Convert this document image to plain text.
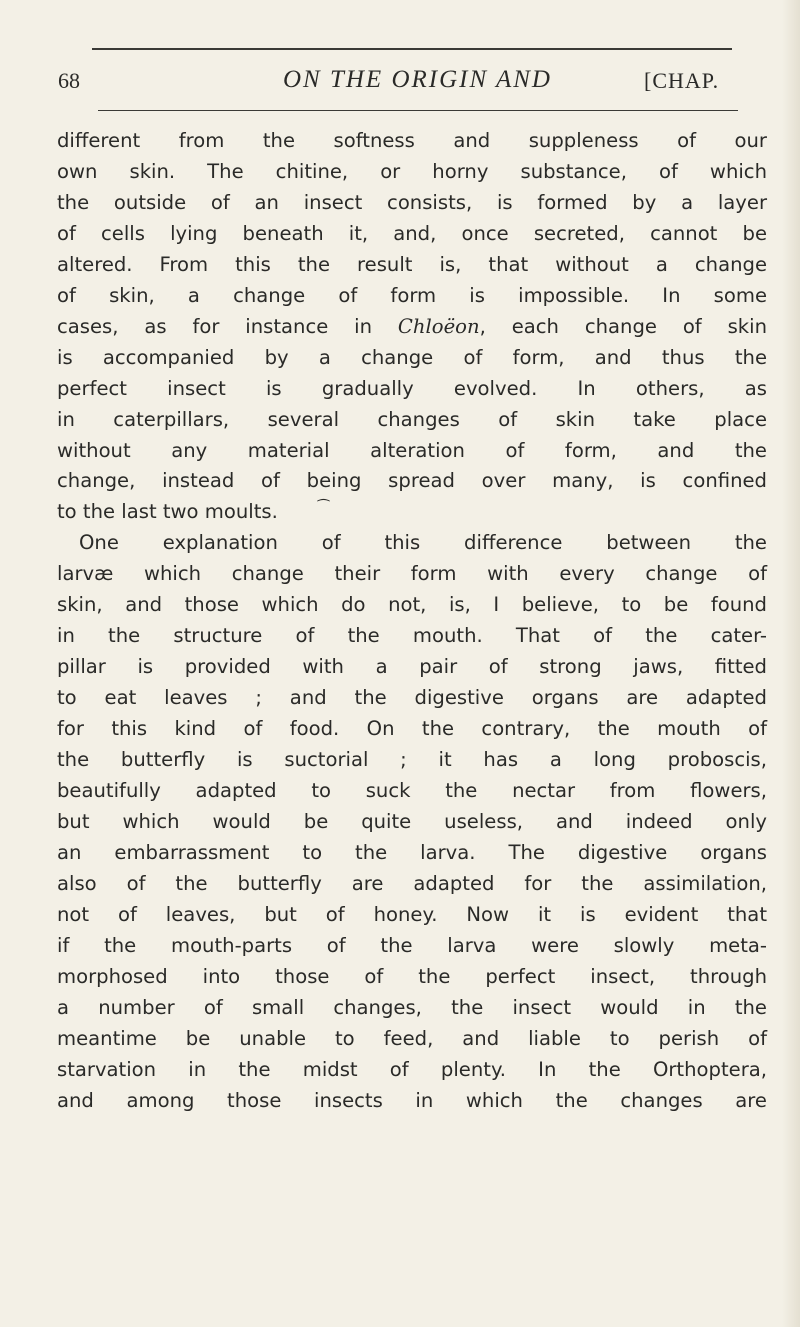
68	ON THE ORIGIN AND	[CHAP.
different from the softness and suppleness of our
own skin. The chitine, or horny substance, of which
the outside of an insect consists, is formed by a layer
of cells lying beneath it, and, once secreted, cannot be
altered. From this the result is, that without a change
of skin, a change of form is impossible. In some
cases, as for instance in Chloëon, each change of skin
is accompanied by a change of form, and thus the
perfect insect is gradually evolved. In others, as
in caterpillars, several changes of skin take place
without any material alteration of form, and the
change, instead of being spread over many, is confined
to the last two moults.	⁀
One explanation of this difference between the
larvæ which change their form with every change of
skin, and those which do not, is, I believe, to be found
in the structure of the mouth. That of the cater-
pillar is provided with a pair of strong jaws, fitted
to eat leaves ; and the digestive organs are adapted
for this kind of food. On the contrary, the mouth of
the butterfly is suctorial ; it has a long proboscis,
beautifully adapted to suck the nectar from flowers,
but which would be quite useless, and indeed only
an embarrassment to the larva. The digestive organs
also of the butterfly are adapted for the assimilation,
not of leaves, but of honey. Now it is evident that
if the mouth-parts of the larva were slowly meta-
morphosed into those of the perfect insect, through
a number of small changes, the insect would in the
meantime be unable to feed, and liable to perish of
starvation in the midst of plenty. In the Orthoptera,
and among those insects in which the changes are
